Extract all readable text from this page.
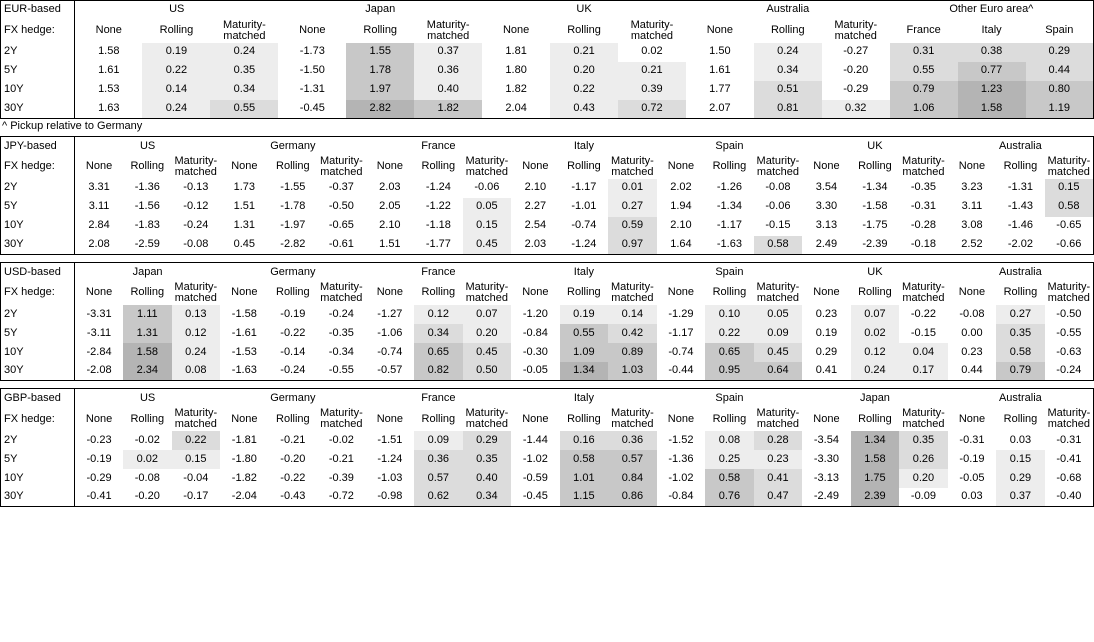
EUR-based	US			Japan			UK			Australia			Other Euro area^		
FX hedge:	None	Rolling	Maturity-matched	None	Rolling	Maturity-matched	None	Rolling	Maturity-matched	None	Rolling	Maturity-matched	France	Italy	Spain
2Y	1.58	0.19	0.24	-1.73	1.55	0.37	1.81	0.21	0.02	1.50	0.24	-0.27	0.31	0.38	0.29
5Y	1.61	0.22	0.35	-1.50	1.78	0.36	1.80	0.20	0.21	1.61	0.34	-0.20	0.55	0.77	0.44
10Y	1.53	0.14	0.34	-1.31	1.97	0.40	1.82	0.22	0.39	1.77	0.51	-0.29	0.79	1.23	0.80
30Y	1.63	0.24	0.55	-0.45	2.82	1.82	2.04	0.43	0.72	2.07	0.81	0.32	1.06	1.58	1.19
^ Pickup relative to Germany
JPY-based	US			Germany			France			Italy			Spain			UK			Australia		
FX hedge:	None	Rolling	Maturity-matched	None	Rolling	Maturity-matched	None	Rolling	Maturity-matched	None	Rolling	Maturity-matched	None	Rolling	Maturity-matched	None	Rolling	Maturity-matched	None	Rolling	Maturity-matched
2Y	3.31	-1.36	-0.13	1.73	-1.55	-0.37	2.03	-1.24	-0.06	2.10	-1.17	0.01	2.02	-1.26	-0.08	3.54	-1.34	-0.35	3.23	-1.31	0.15
5Y	3.11	-1.56	-0.12	1.51	-1.78	-0.50	2.05	-1.22	0.05	2.27	-1.01	0.27	1.94	-1.34	-0.06	3.30	-1.58	-0.31	3.11	-1.43	0.58
10Y	2.84	-1.83	-0.24	1.31	-1.97	-0.65	2.10	-1.18	0.15	2.54	-0.74	0.59	2.10	-1.17	-0.15	3.13	-1.75	-0.28	3.08	-1.46	-0.65
30Y	2.08	-2.59	-0.08	0.45	-2.82	-0.61	1.51	-1.77	0.45	2.03	-1.24	0.97	1.64	-1.63	0.58	2.49	-2.39	-0.18	2.52	-2.02	-0.66
USD-based	Japan			Germany			France			Italy			Spain			UK			Australia		
FX hedge:	None	Rolling	Maturity-matched	None	Rolling	Maturity-matched	None	Rolling	Maturity-matched	None	Rolling	Maturity-matched	None	Rolling	Maturity-matched	None	Rolling	Maturity-matched	None	Rolling	Maturity-matched
2Y	-3.31	1.11	0.13	-1.58	-0.19	-0.24	-1.27	0.12	0.07	-1.20	0.19	0.14	-1.29	0.10	0.05	0.23	0.07	-0.22	-0.08	0.27	-0.50
5Y	-3.11	1.31	0.12	-1.61	-0.22	-0.35	-1.06	0.34	0.20	-0.84	0.55	0.42	-1.17	0.22	0.09	0.19	0.02	-0.15	0.00	0.35	-0.55
10Y	-2.84	1.58	0.24	-1.53	-0.14	-0.34	-0.74	0.65	0.45	-0.30	1.09	0.89	-0.74	0.65	0.45	0.29	0.12	0.04	0.23	0.58	-0.63
30Y	-2.08	2.34	0.08	-1.63	-0.24	-0.55	-0.57	0.82	0.50	-0.05	1.34	1.03	-0.44	0.95	0.64	0.41	0.24	0.17	0.44	0.79	-0.24
GBP-based	US			Germany			France			Italy			Spain			Japan			Australia		
FX hedge:	None	Rolling	Maturity-matched	None	Rolling	Maturity-matched	None	Rolling	Maturity-matched	None	Rolling	Maturity-matched	None	Rolling	Maturity-matched	None	Rolling	Maturity-matched	None	Rolling	Maturity-matched
2Y	-0.23	-0.02	0.22	-1.81	-0.21	-0.02	-1.51	0.09	0.29	-1.44	0.16	0.36	-1.52	0.08	0.28	-3.54	1.34	0.35	-0.31	0.03	-0.31
5Y	-0.19	0.02	0.15	-1.80	-0.20	-0.21	-1.24	0.36	0.35	-1.02	0.58	0.57	-1.36	0.25	0.23	-3.30	1.58	0.26	-0.19	0.15	-0.41
10Y	-0.29	-0.08	-0.04	-1.82	-0.22	-0.39	-1.03	0.57	0.40	-0.59	1.01	0.84	-1.02	0.58	0.41	-3.13	1.75	0.20	-0.05	0.29	-0.68
30Y	-0.41	-0.20	-0.17	-2.04	-0.43	-0.72	-0.98	0.62	0.34	-0.45	1.15	0.86	-0.84	0.76	0.47	-2.49	2.39	-0.09	0.03	0.37	-0.40
